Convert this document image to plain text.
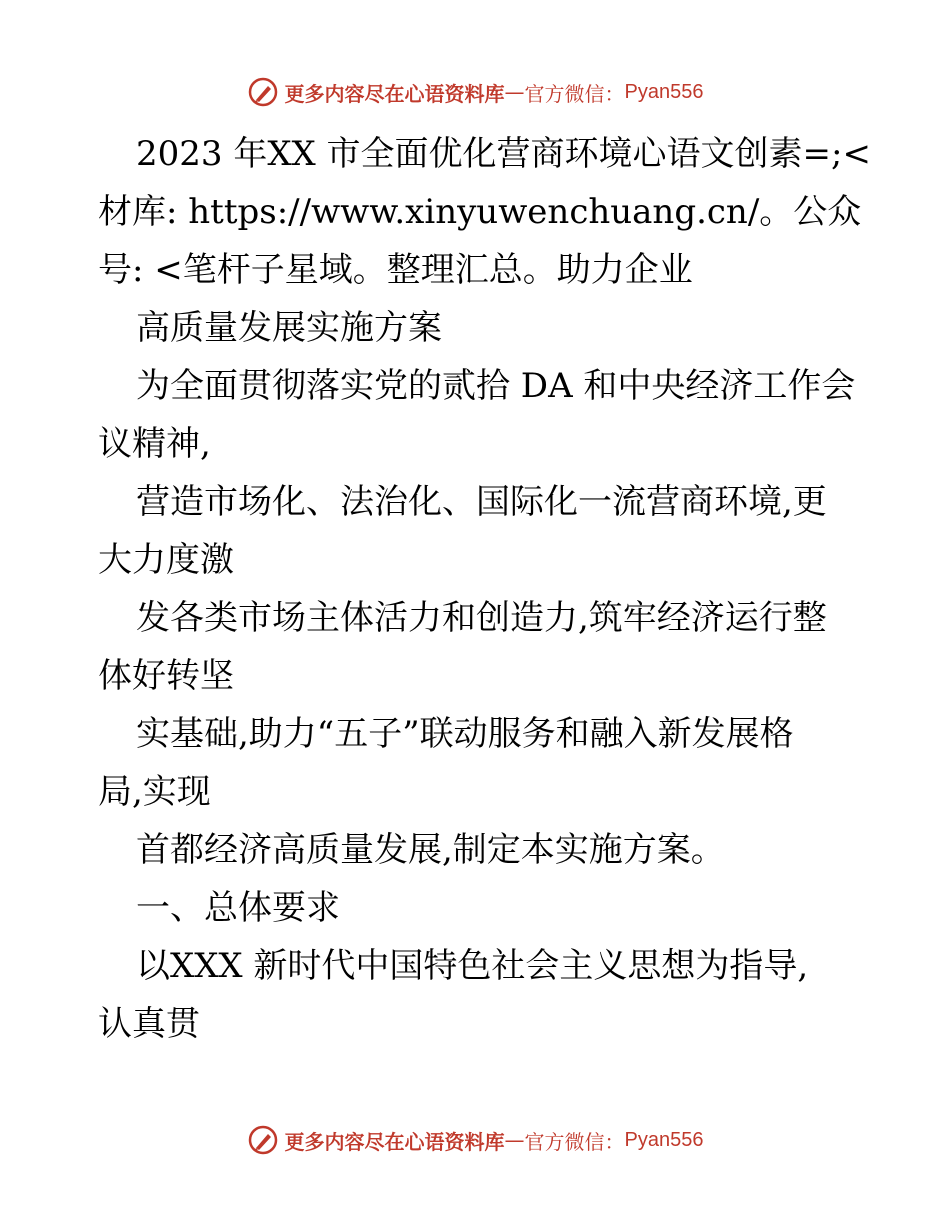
更多内容尽在心语资料库 — 官方微信： Pyan556
2023 年XX 市全面优化营商环境心语文创素=;<
材库: https://www.xinyuwenchuang.cn/。公众
号: <笔杆子星域。整理汇总。助力企业
高质量发展实施方案
为全面贯彻落实党的贰拾 DA 和中央经济工作会
议精神,
营造市场化、法治化、国际化一流营商环境,更
大力度激
发各类市场主体活力和创造力,筑牢经济运行整
体好转坚
实基础,助力“五子”联动服务和融入新发展格
局,实现
首都经济高质量发展,制定本实施方案。
一、总体要求
以XXX 新时代中国特色社会主义思想为指导,
认真贯
更多内容尽在心语资料库 — 官方微信： Pyan556
